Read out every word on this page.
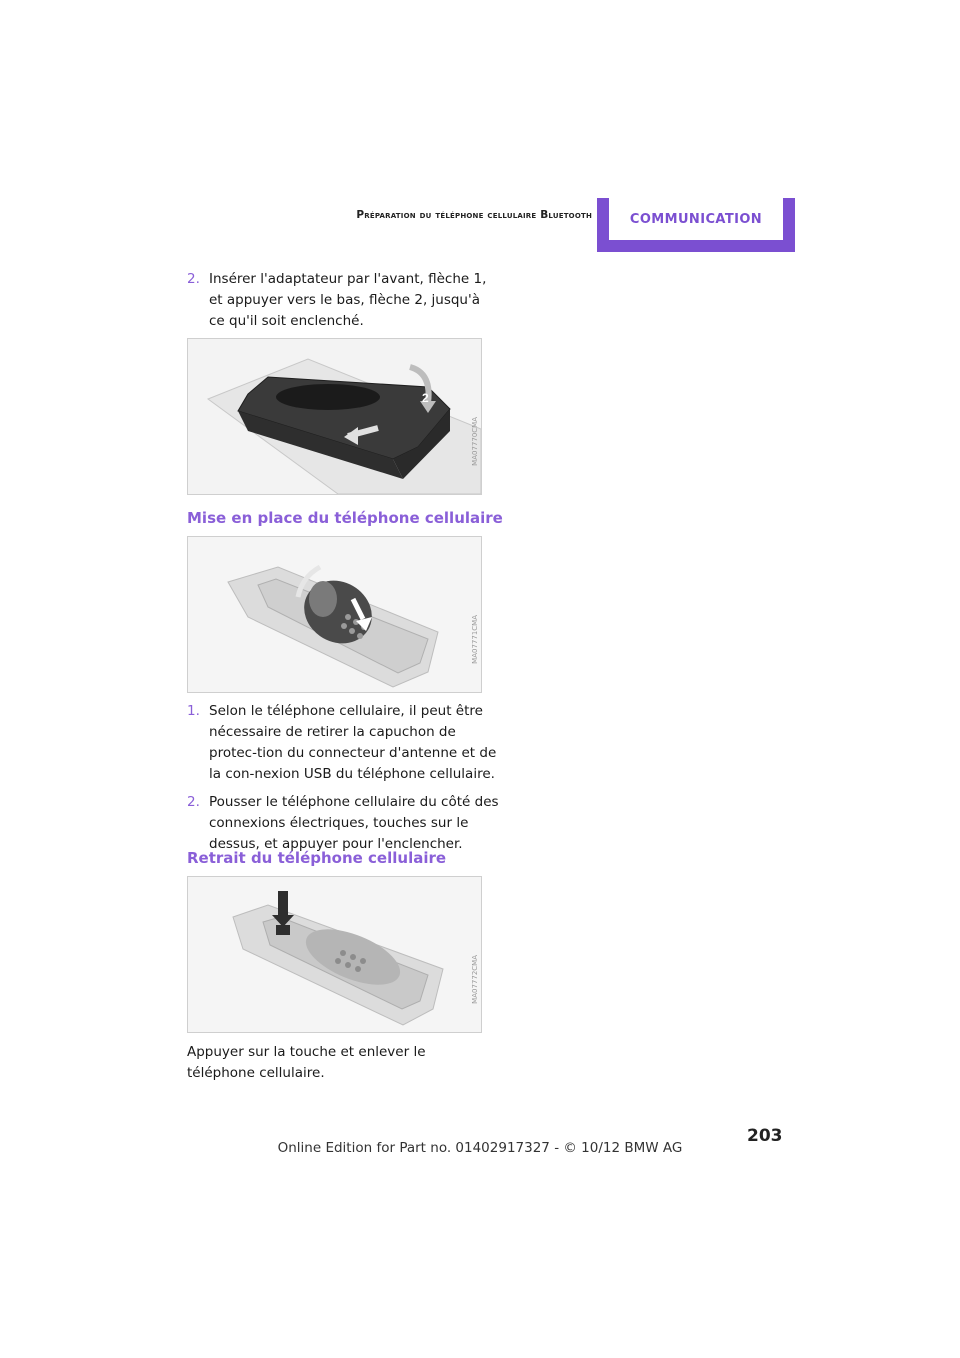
Préparation du téléphone cellulaire Bluetooth	COMMUNICATION
2. Insérer l'adaptateur par l'avant, flèche 1, et appuyer vers le bas, flèche 2, jusqu'à ce qu'il soit enclenché.
2
MA07770CMA
Mise en place du téléphone cellulaire
MA07771CMA
1. Selon le téléphone cellulaire, il peut être nécessaire de retirer la capuchon de protec-tion du connecteur d'antenne et de la con-nexion USB du téléphone cellulaire.
2. Pousser le téléphone cellulaire du côté des connexions électriques, touches sur le dessus, et appuyer pour l'enclencher.
Retrait du téléphone cellulaire
MA07772CMA
Appuyer sur la touche et enlever le téléphone cellulaire.
203
Online Edition for Part no. 01402917327 - © 10/12 BMW AG
